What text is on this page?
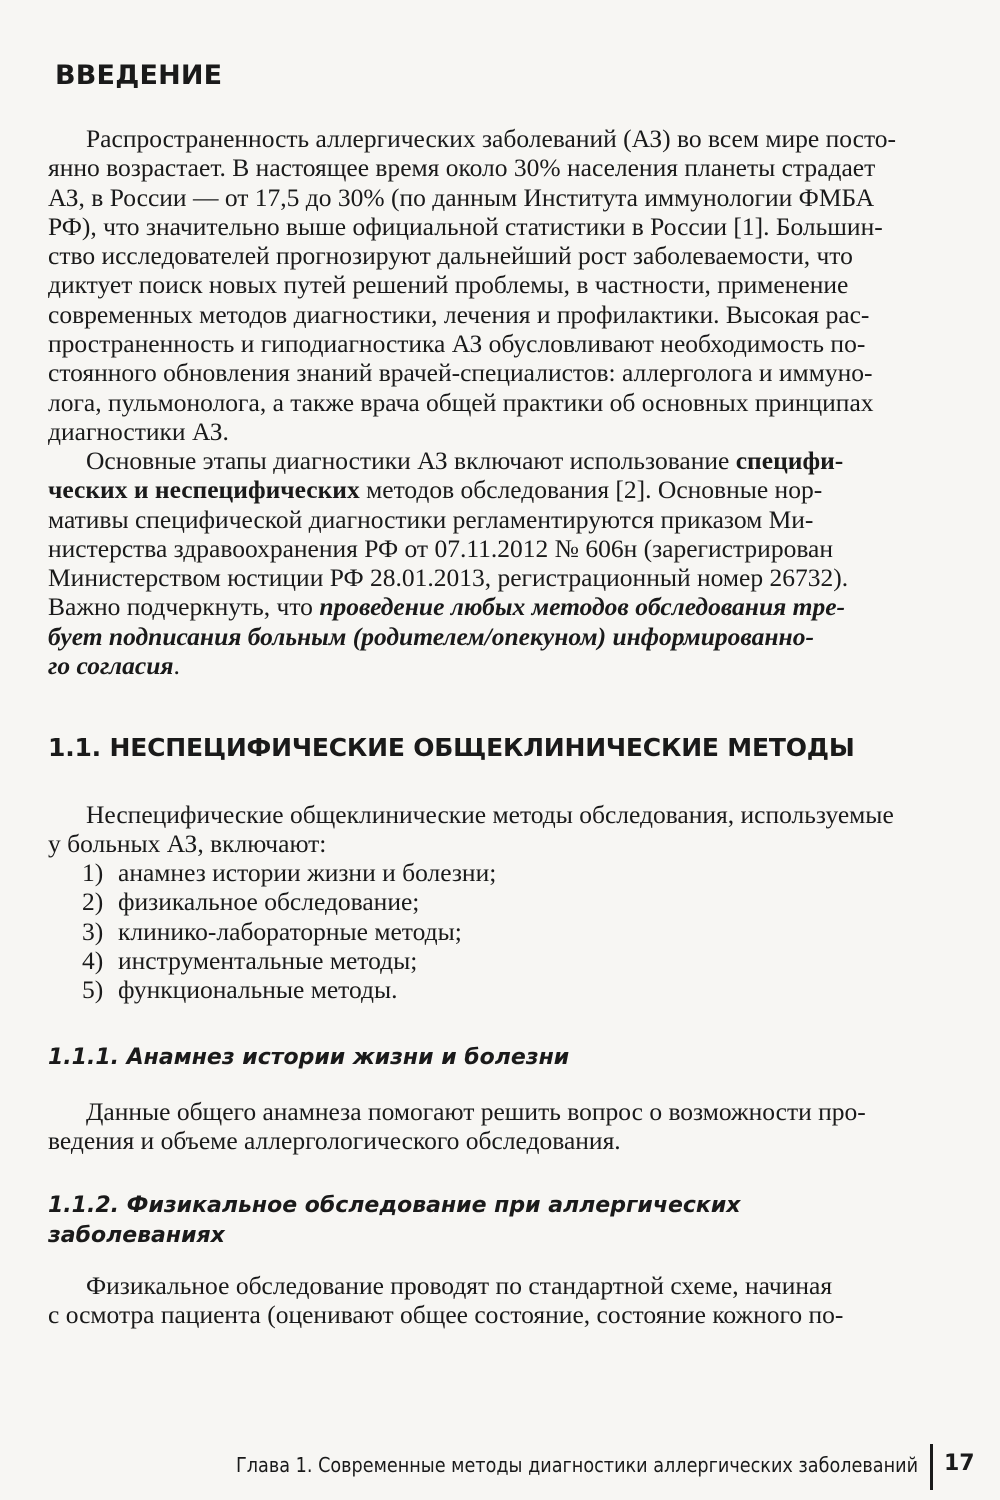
ВВЕДЕНИЕ
Распространенность аллергических заболеваний (АЗ) во всем мире посто-
янно возрастает. В настоящее время около 30% населения планеты страдает
АЗ, в России — от 17,5 до 30% (по данным Института иммунологии ФМБА
РФ), что значительно выше официальной статистики в России [1]. Большин-
ство исследователей прогнозируют дальнейший рост заболеваемости, что
диктует поиск новых путей решений проблемы, в частности, применение
современных методов диагностики, лечения и профилактики. Высокая рас-
пространенность и гиподиагностика АЗ обусловливают необходимость по-
стоянного обновления знаний врачей-специалистов: аллерголога и иммуно-
лога, пульмонолога, а также врача общей практики об основных принципах
диагностики АЗ.
Основные этапы диагностики АЗ включают использование специфи-
ческих и неспецифических методов обследования [2]. Основные нор-
мативы специфической диагностики регламентируются приказом Ми-
нистерства здравоохранения РФ от 07.11.2012 № 606н (зарегистрирован
Министерством юстиции РФ 28.01.2013, регистрационный номер 26732).
Важно подчеркнуть, что проведение любых методов обследования тре-
бует подписания больным (родителем/опекуном) информированно-
го согласия.
1.1. НЕСПЕЦИФИЧЕСКИЕ ОБЩЕКЛИНИЧЕСКИЕ МЕТОДЫ
Неспецифические общеклинические методы обследования, используемые
у больных АЗ, включают:
1) анамнез истории жизни и болезни;
2) физикальное обследование;
3) клинико-лабораторные методы;
4) инструментальные методы;
5) функциональные методы.
1.1.1. Анамнез истории жизни и болезни
Данные общего анамнеза помогают решить вопрос о возможности про-
ведения и объеме аллергологического обследования.
1.1.2. Физикальное обследование при аллергических
заболеваниях
Физикальное обследование проводят по стандартной схеме, начиная
с осмотра пациента (оценивают общее состояние, состояние кожного по-
Глава 1. Современные методы диагностики аллергических заболеваний 17
